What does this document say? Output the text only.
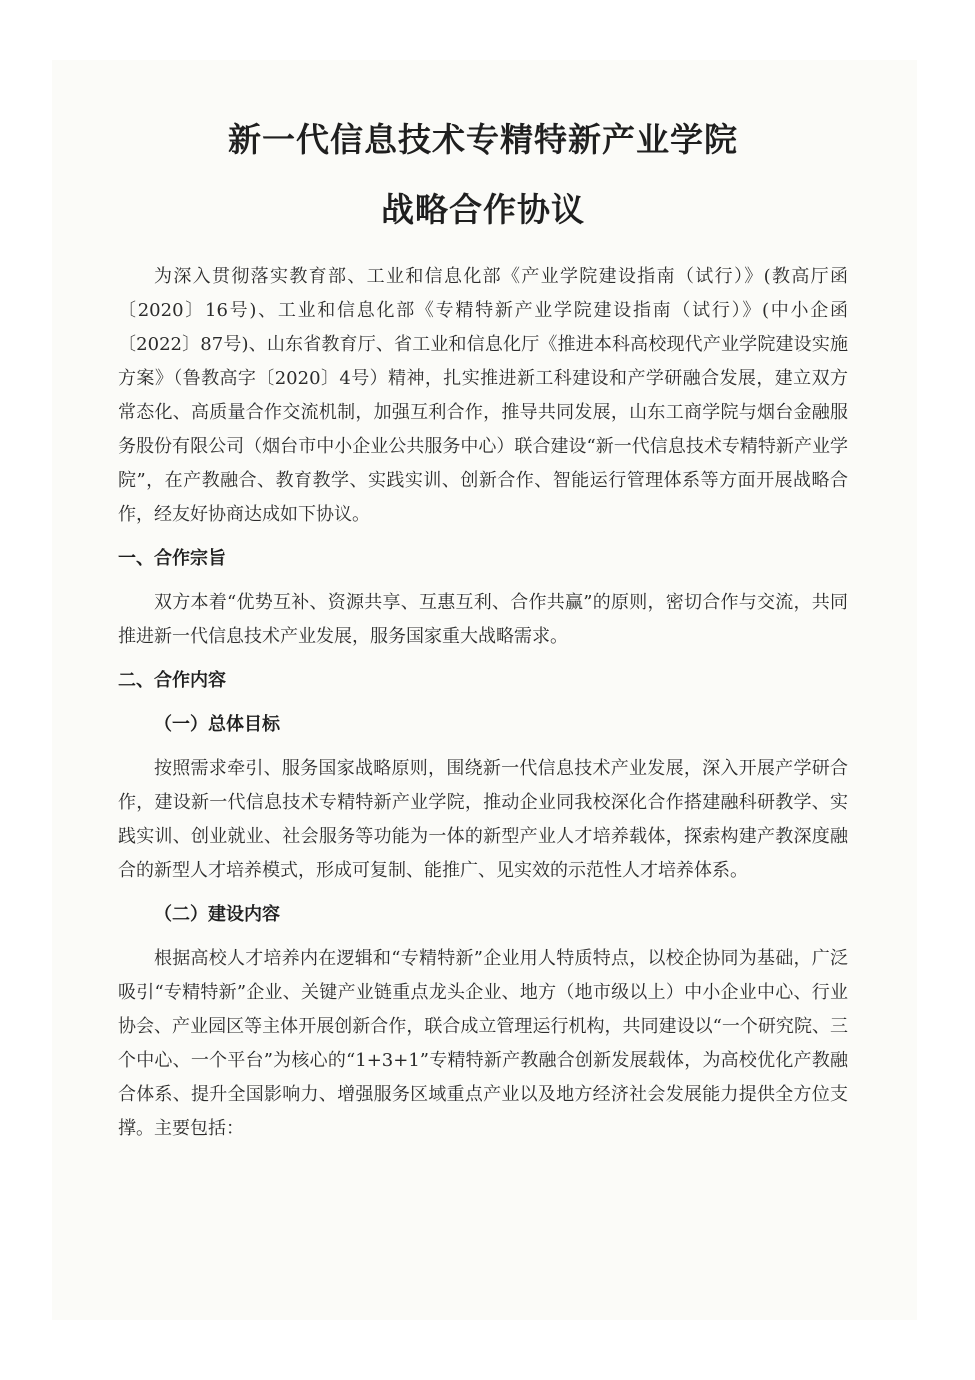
新一代信息技术专精特新产业学院
战略合作协议

为深入贯彻落实教育部、工业和信息化部《产业学院建设指南（试行）》(教高厅函〔2020〕16号)、工业和信息化部《专精特新产业学院建设指南（试行）》(中小企函〔2022〕87号)、山东省教育厅、省工业和信息化厅《推进本科高校现代产业学院建设实施方案》（鲁教高字〔2020〕4号）精神，扎实推进新工科建设和产学研融合发展，建立双方常态化、高质量合作交流机制，加强互利合作，推导共同发展，山东工商学院与烟台金融服务股份有限公司（烟台市中小企业公共服务中心）联合建设“新一代信息技术专精特新产业学院”，在产教融合、教育教学、实践实训、创新合作、智能运行管理体系等方面开展战略合作，经友好协商达成如下协议。

一、合作宗旨

双方本着“优势互补、资源共享、互惠互利、合作共赢”的原则，密切合作与交流，共同推进新一代信息技术产业发展，服务国家重大战略需求。

二、合作内容
（一）总体目标

按照需求牵引、服务国家战略原则，围绕新一代信息技术产业发展，深入开展产学研合作，建设新一代信息技术专精特新产业学院，推动企业同我校深化合作搭建融科研教学、实践实训、创业就业、社会服务等功能为一体的新型产业人才培养载体，探索构建产教深度融合的新型人才培养模式，形成可复制、能推广、见实效的示范性人才培养体系。

（二）建设内容

根据高校人才培养内在逻辑和“专精特新”企业用人特质特点，以校企协同为基础，广泛吸引“专精特新”企业、关键产业链重点龙头企业、地方（地市级以上）中小企业中心、行业协会、产业园区等主体开展创新合作，联合成立管理运行机构，共同建设以“一个研究院、三个中心、一个平台”为核心的“1+3+1”专精特新产教融合创新发展载体，为高校优化产教融合体系、提升全国影响力、增强服务区域重点产业以及地方经济社会发展能力提供全方位支撑。主要包括：
